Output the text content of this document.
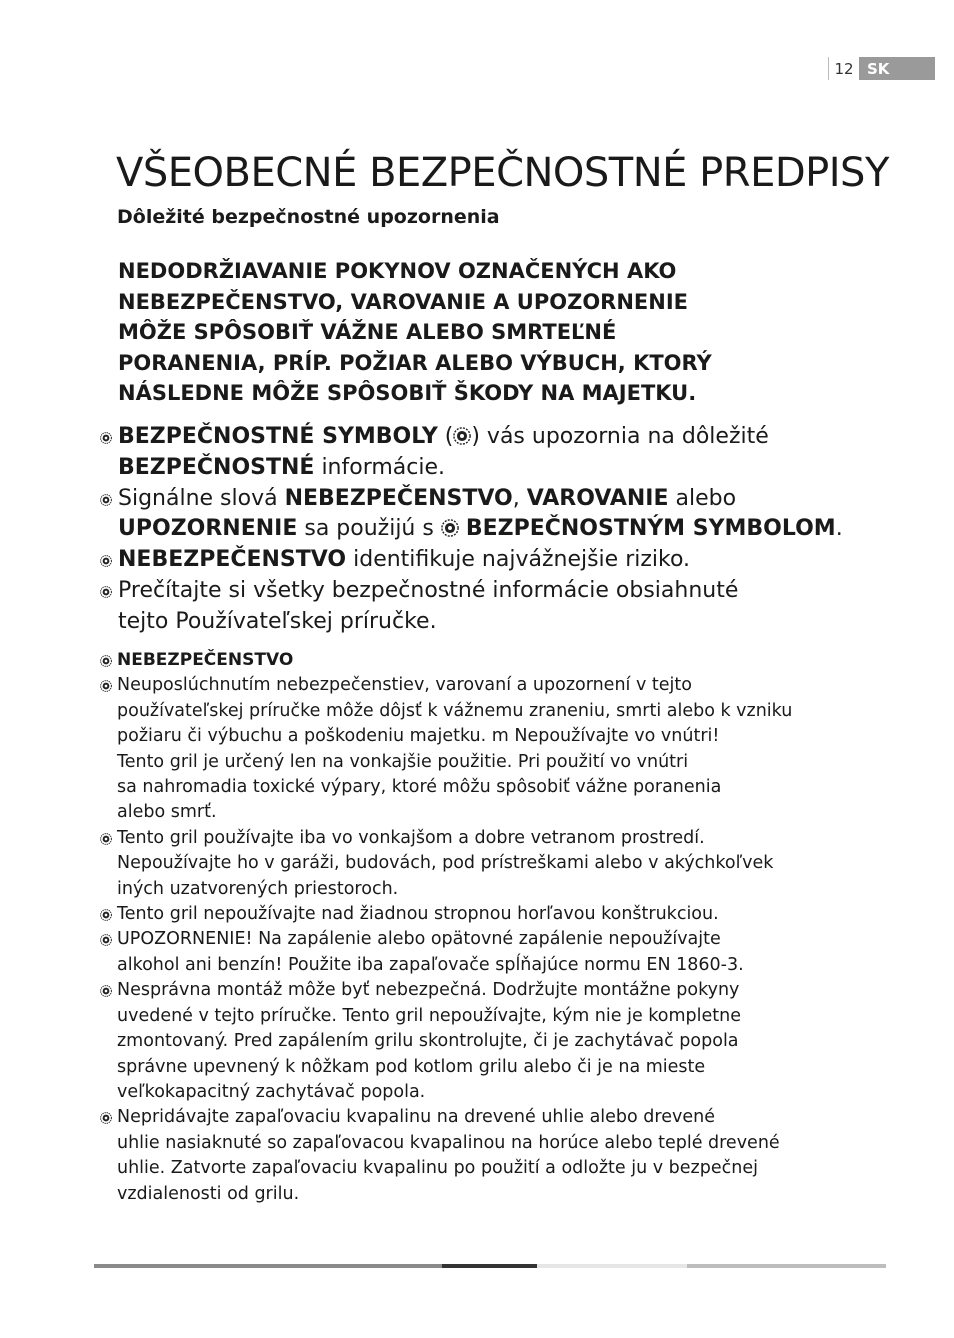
12 SK
VŠEOBECNÉ BEZPEČNOSTNÉ PREDPISY
Dôležité bezpečnostné upozornenia
NEDODRŽIAVANIE POKYNOV OZNAČENÝCH AKO
NEBEZPEČENSTVO, VAROVANIE A UPOZORNENIE
MÔŽE SPÔSOBIŤ VÁŽNE ALEBO SMRTEĽNÉ
PORANENIA, PRÍP. POŽIAR ALEBO VÝBUCH, KTORÝ
NÁSLEDNE MÔŽE SPÔSOBIŤ ŠKODY NA MAJETKU.
BEZPEČNOSTNÉ SYMBOLY ( ) vás upozornia na dôležité
BEZPEČNOSTNÉ informácie.
Signálne slová NEBEZPEČENSTVO, VAROVANIE alebo
UPOZORNENIE sa použijú s  BEZPEČNOSTNÝM SYMBOLOM.
NEBEZPEČENSTVO identifikuje najvážnejšie riziko.
Prečítajte si všetky bezpečnostné informácie obsiahnuté
tejto Používateľskej príručke.
NEBEZPEČENSTVO
Neuposlúchnutím nebezpečenstiev, varovaní a upozornení v tejto
používateľskej príručke môže dôjsť k vážnemu zraneniu, smrti alebo k vzniku
požiaru či výbuchu a poškodeniu majetku. m Nepoužívajte vo vnútri!
Tento gril je určený len na vonkajšie použitie. Pri použití vo vnútri
sa nahromadia toxické výpary, ktoré môžu spôsobiť vážne poranenia
alebo smrť.
Tento gril používajte iba vo vonkajšom a dobre vetranom prostredí.
Nepoužívajte ho v garáži, budovách, pod prístreškami alebo v akýchkoľvek
iných uzatvorených priestoroch.
Tento gril nepoužívajte nad žiadnou stropnou horľavou konštrukciou.
UPOZORNENIE! Na zapálenie alebo opätovné zapálenie nepoužívajte
alkohol ani benzín! Použite iba zapaľovače spĺňajúce normu EN 1860-3.
Nesprávna montáž môže byť nebezpečná. Dodržujte montážne pokyny
uvedené v tejto príručke. Tento gril nepoužívajte, kým nie je kompletne
zmontovaný. Pred zapálením grilu skontrolujte, či je zachytávač popola
správne upevnený k nôžkam pod kotlom grilu alebo či je na mieste
veľkokapacitný zachytávač popola.
Nepridávajte zapaľovaciu kvapalinu na drevené uhlie alebo drevené
uhlie nasiaknuté so zapaľovacou kvapalinou na horúce alebo teplé drevené
uhlie. Zatvorte zapaľovaciu kvapalinu po použití a odložte ju v bezpečnej
vzdialenosti od grilu.
